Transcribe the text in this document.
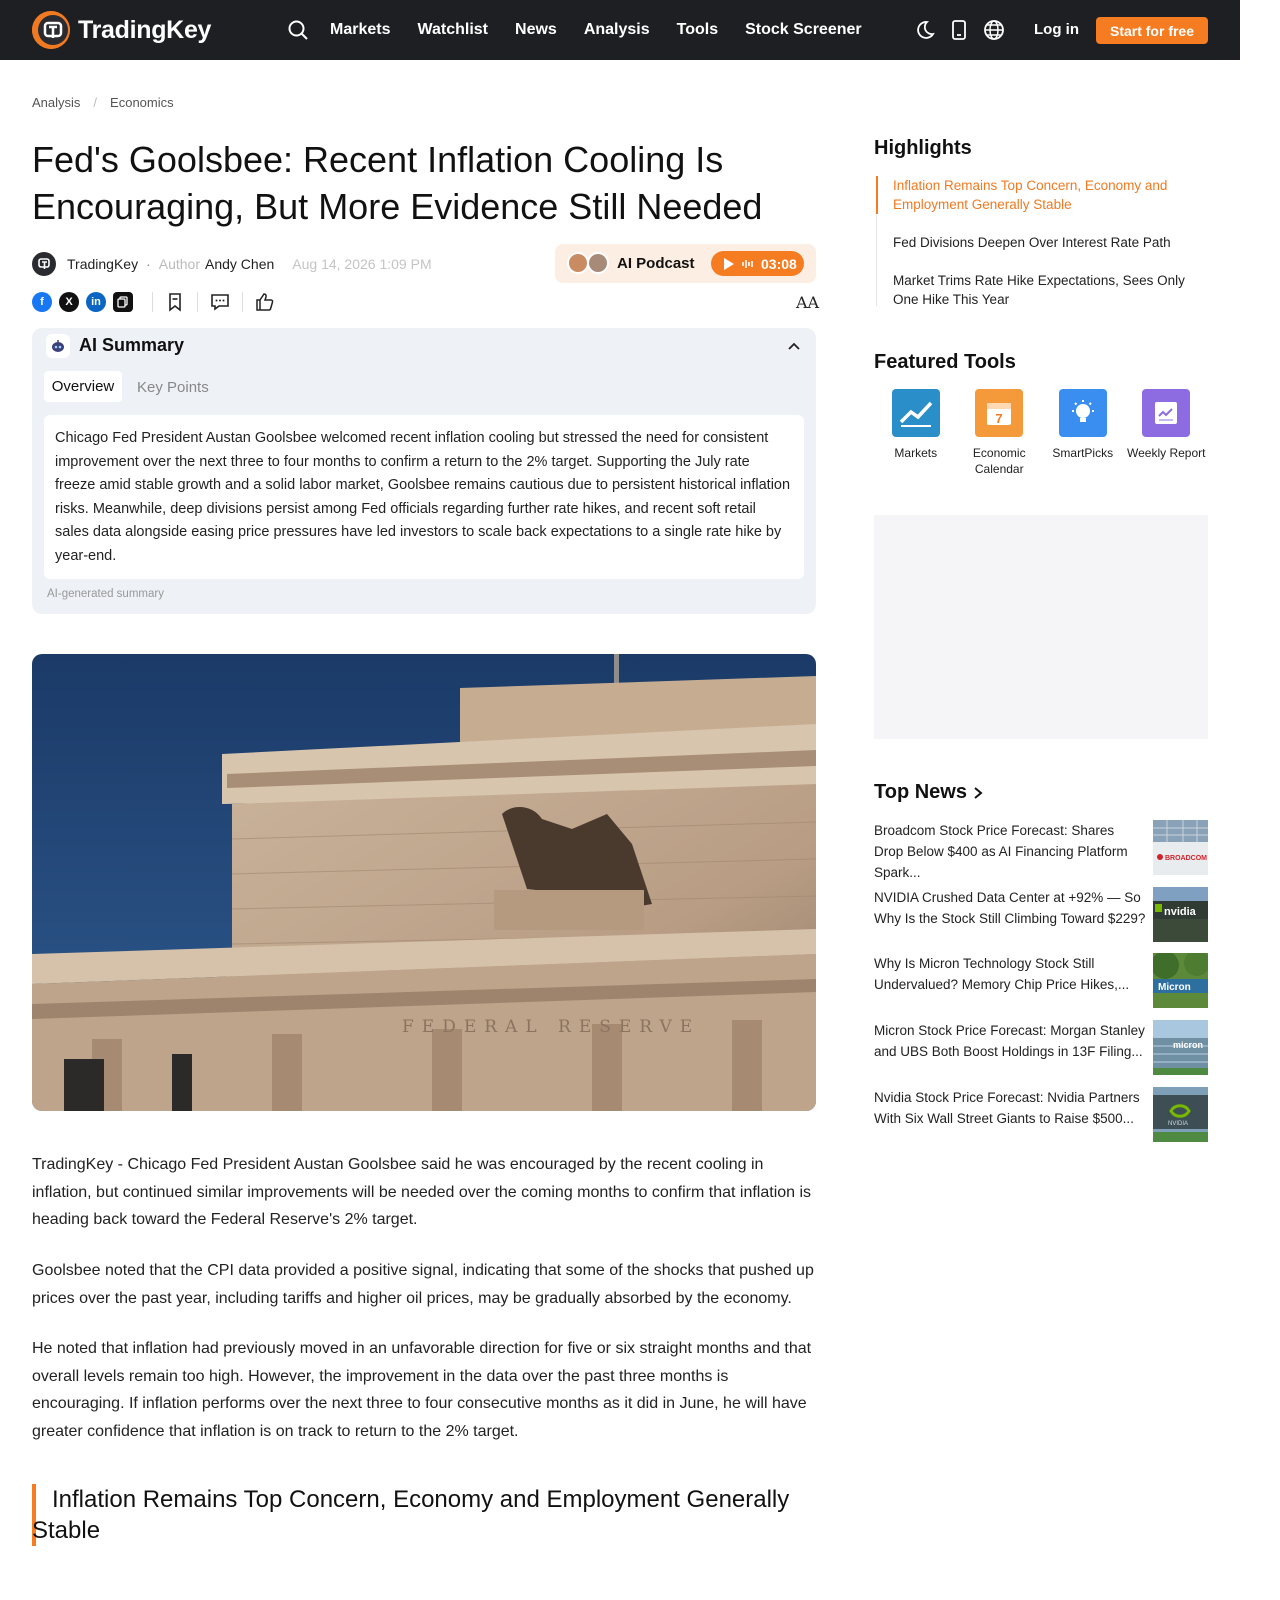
TradingKey	Markets Watchlist News Analysis Tools Stock Screener	Log in	Start for free
Analysis / Economics
Fed's Goolsbee: Recent Inflation Cooling Is Encouraging, But More Evidence Still Needed
TradingKey · Author Andy Chen Aug 14, 2026 1:09 PM	AI Podcast	03:08
f	X	in	AA
AI Summary
Overview	Key Points
Chicago Fed President Austan Goolsbee welcomed recent inflation cooling but stressed the need for consistent improvement over the next three to four months to confirm a return to the 2% target. Supporting the July rate freeze amid stable growth and a solid labor market, Goolsbee remains cautious due to persistent historical inflation risks. Meanwhile, deep divisions persist among Fed officials regarding further rate hikes, and recent soft retail sales data alongside easing price pressures have led investors to scale back expectations to a single rate hike by year-end.
AI-generated summary
FEDERAL RESERVE

TradingKey - Chicago Fed President Austan Goolsbee said he was encouraged by the recent cooling in inflation, but continued similar improvements will be needed over the coming months to confirm that inflation is heading back toward the Federal Reserve's 2% target.

Goolsbee noted that the CPI data provided a positive signal, indicating that some of the shocks that pushed up prices over the past year, including tariffs and higher oil prices, may be gradually absorbed by the economy.

He noted that inflation had previously moved in an unfavorable direction for five or six straight months and that overall levels remain too high. However, the improvement in the data over the past three months is encouraging. If inflation performs over the next three to four consecutive months as it did in June, he will have greater confidence that inflation is on track to return to the 2% target.

Inflation Remains Top Concern, Economy and Employment Generally
Stable
Highlights
Inflation Remains Top Concern, Economy and Employment Generally Stable
Fed Divisions Deepen Over Interest Rate Path
Market Trims Rate Hike Expectations, Sees Only One Hike This Year
Featured Tools
Markets
7
Economic Calendar
SmartPicks Weekly Report
Top News
Broadcom Stock Price Forecast: Shares Drop Below $400 as AI Financing Platform Spark...
BROADCOM
NVIDIA Crushed Data Center at +92% — So Why Is the Stock Still Climbing Toward $229? nvidia
Why Is Micron Technology Stock Still Undervalued? Memory Chip Price Hikes,...	Micron
Micron Stock Price Forecast: Morgan Stanley and UBS Both Boost Holdings in 13F Filing...	micron
Nvidia Stock Price Forecast: Nvidia Partners With Six Wall Street Giants to Raise $500...	NVIDIA
